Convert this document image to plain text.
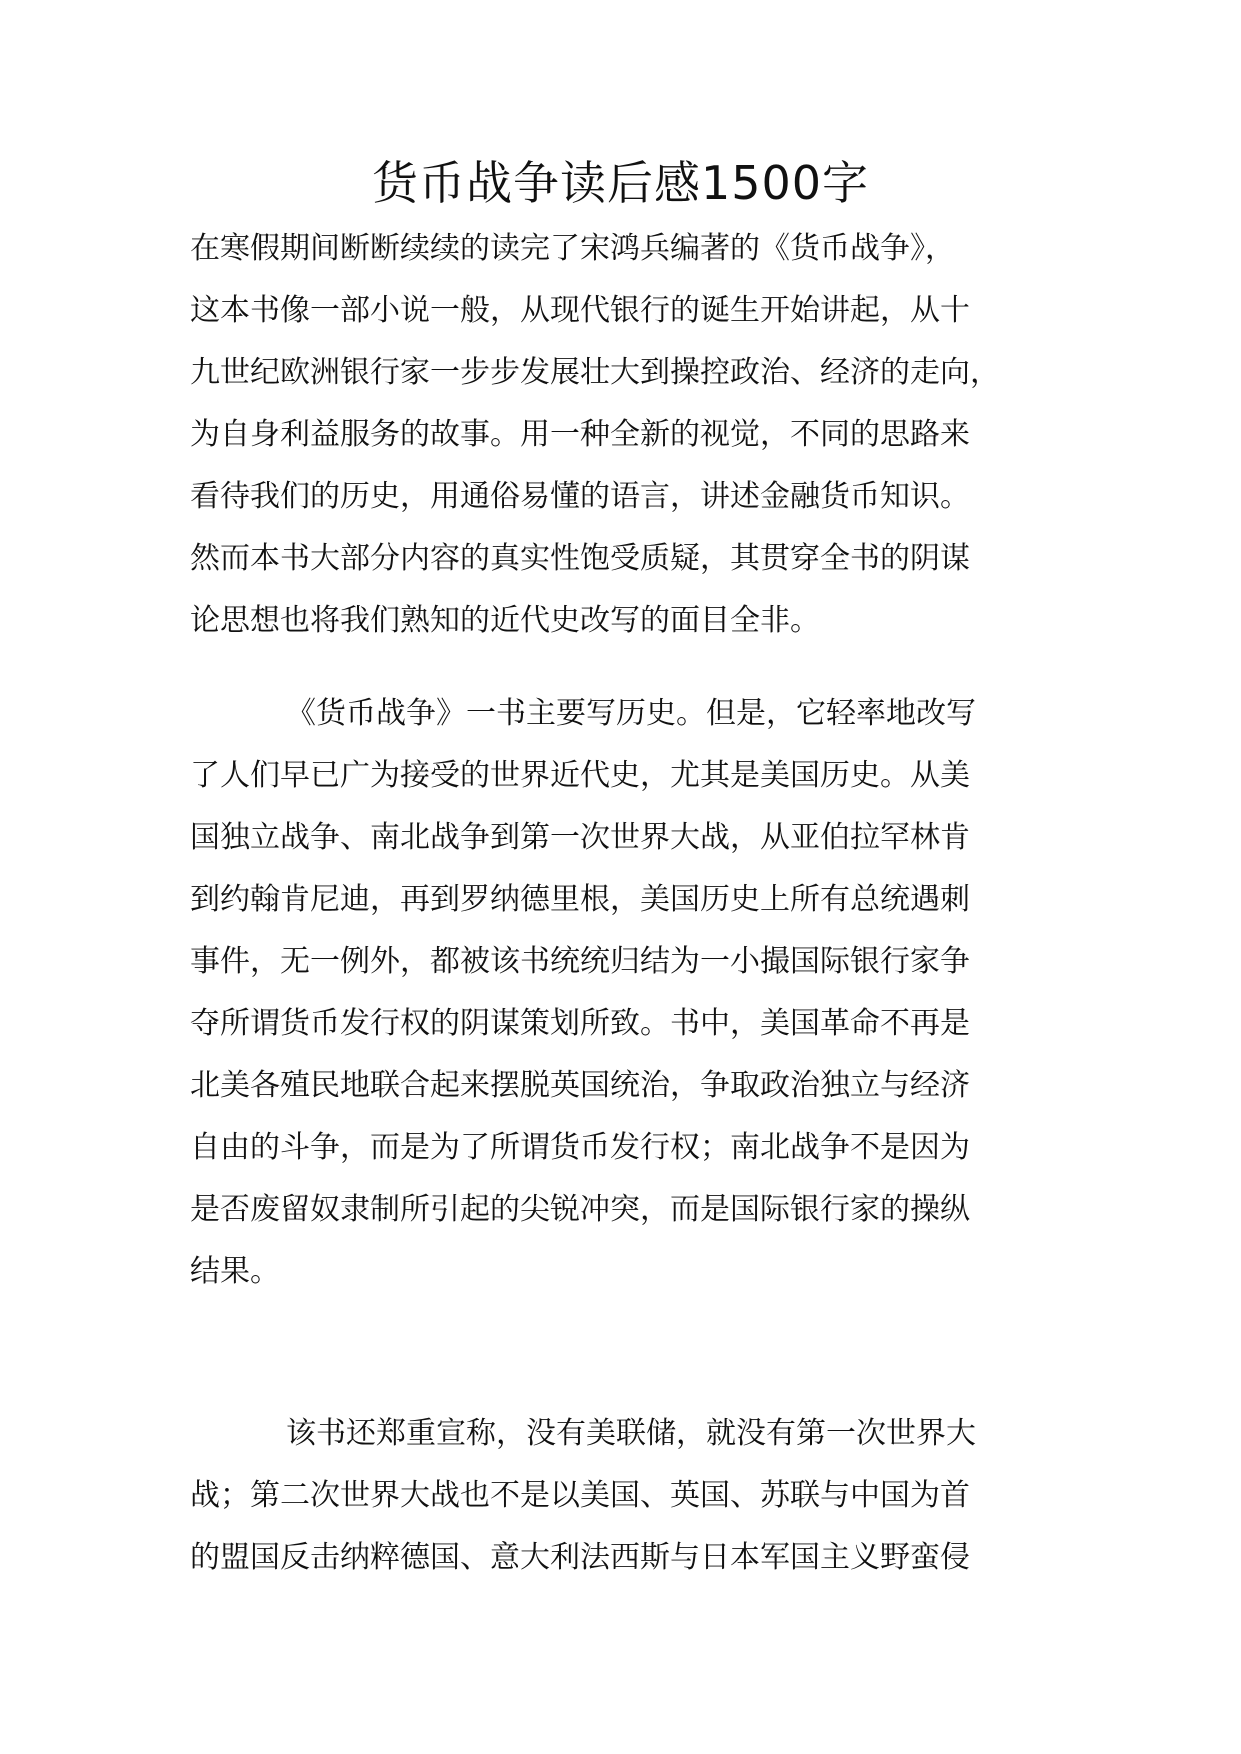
货币战争读后感1500字
在寒假期间断断续续的读完了宋鸿兵编著的《货币战争》，
这本书像一部小说一般，从现代银行的诞生开始讲起，从十
九世纪欧洲银行家一步步发展壮大到操控政治、经济的走向，
为自身利益服务的故事。用一种全新的视觉，不同的思路来
看待我们的历史，用通俗易懂的语言，讲述金融货币知识。
然而本书大部分内容的真实性饱受质疑，其贯穿全书的阴谋
论思想也将我们熟知的近代史改写的面目全非。
《货币战争》一书主要写历史。但是，它轻率地改写
了人们早已广为接受的世界近代史，尤其是美国历史。从美
国独立战争、南北战争到第一次世界大战，从亚伯拉罕林肯
到约翰肯尼迪，再到罗纳德里根，美国历史上所有总统遇刺
事件，无一例外，都被该书统统归结为一小撮国际银行家争
夺所谓货币发行权的阴谋策划所致。书中，美国革命不再是
北美各殖民地联合起来摆脱英国统治，争取政治独立与经济
自由的斗争，而是为了所谓货币发行权；南北战争不是因为
是否废留奴隶制所引起的尖锐冲突，而是国际银行家的操纵
结果。
该书还郑重宣称，没有美联储，就没有第一次世界大
战；第二次世界大战也不是以美国、英国、苏联与中国为首
的盟国反击纳粹德国、意大利法西斯与日本军国主义野蛮侵
